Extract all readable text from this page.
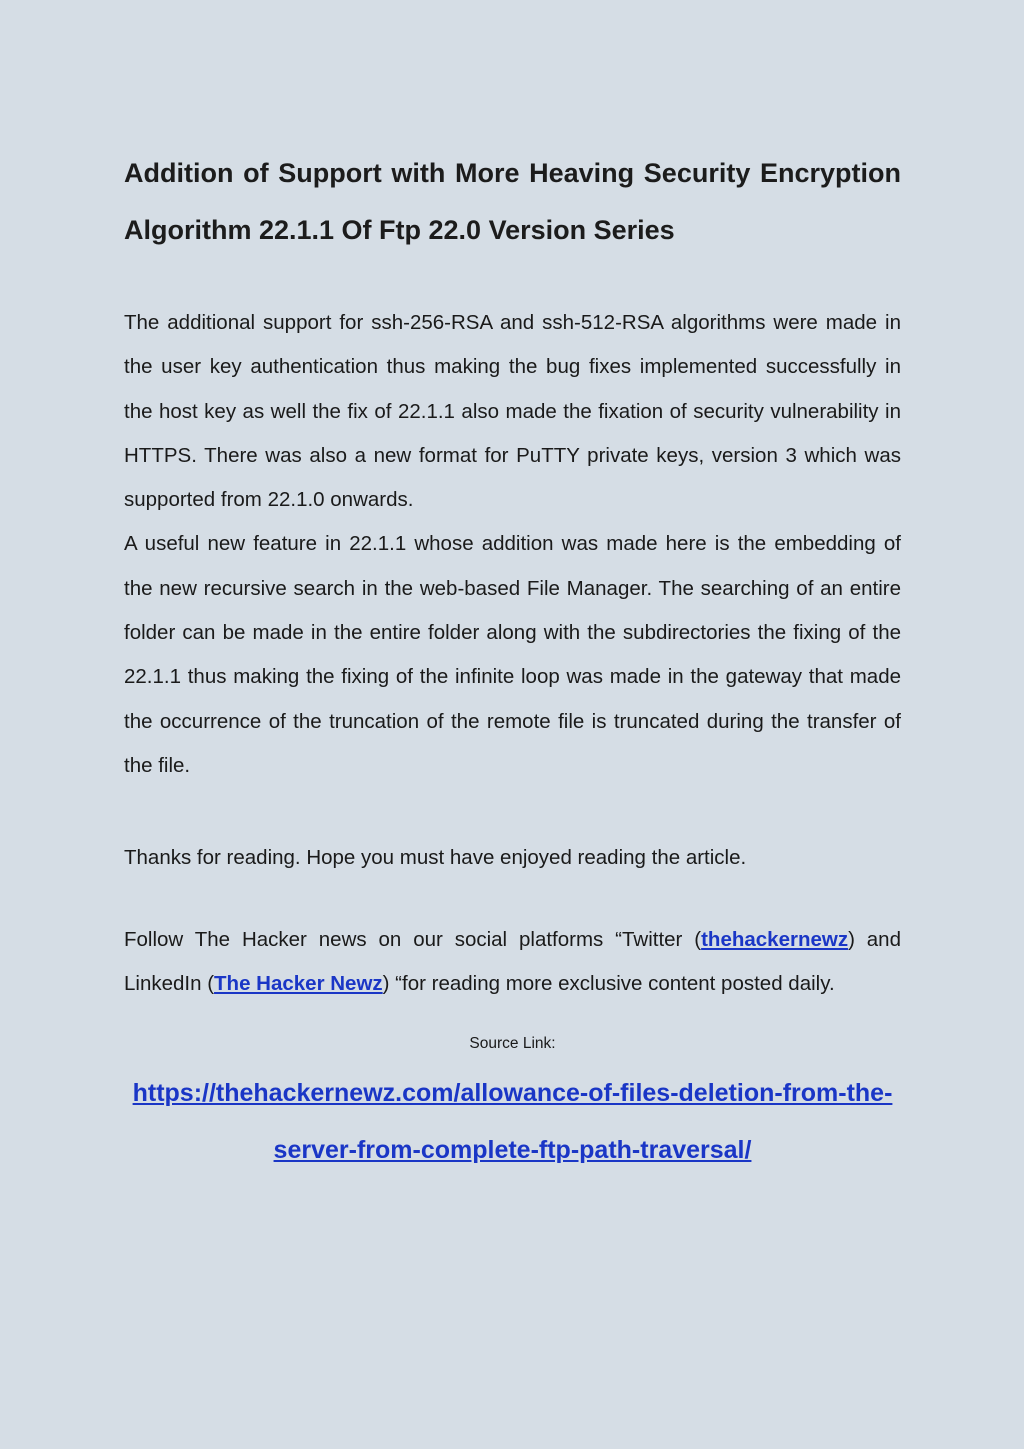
Addition of Support with More Heaving Security Encryption
Algorithm 22.1.1 Of Ftp 22.0 Version Series

The additional support for ssh-256-RSA and ssh-512-RSA algorithms were made in the user key authentication thus making the bug fixes implemented successfully in the host key as well the fix of 22.1.1 also made the fixation of security vulnerability in HTTPS. There was also a new format for PuTTY private keys, version 3 which was supported from 22.1.0 onwards.

A useful new feature in 22.1.1 whose addition was made here is the embedding of the new recursive search in the web-based File Manager. The searching of an entire folder can be made in the entire folder along with the subdirectories the fixing of the 22.1.1 thus making the fixing of the infinite loop was made in the gateway that made the occurrence of the truncation of the remote file is truncated during the transfer of the file.

Thanks for reading. Hope you must have enjoyed reading the article.

Follow The Hacker news on our social platforms “Twitter (thehackernewz) and LinkedIn (The Hacker Newz) “for reading more exclusive content posted daily.

Source Link:

https://thehackernewz.com/allowance-of-files-deletion-from-the-
server-from-complete-ftp-path-traversal/
